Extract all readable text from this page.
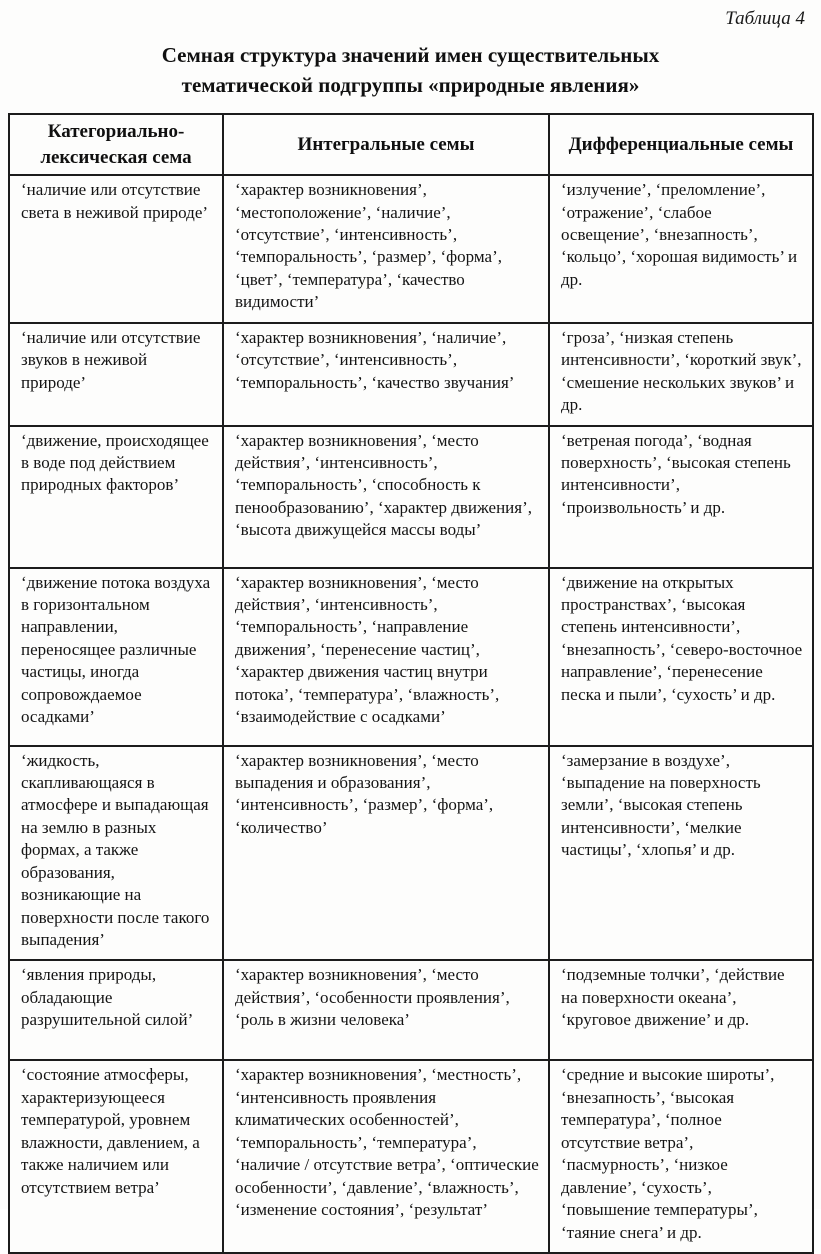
Таблица 4
Семная структура значений имен существительных
тематической подгруппы «природные явления»
Категориально-лексическая сема	Интегральные семы	Дифференциальные семы
‘наличие или отсутствие света в неживой природе’	‘характер возникновения’, ‘местоположение’, ‘наличие’, ‘отсутствие’, ‘интенсивность’, ‘темпоральность’, ‘размер’, ‘форма’, ‘цвет’, ‘температура’, ‘качество видимости’	‘излучение’, ‘преломление’, ‘отражение’, ‘слабое освещение’, ‘внезапность’, ‘кольцо’, ‘хорошая видимость’ и др.
‘наличие или отсутствие звуков в неживой природе’	‘характер возникновения’, ‘наличие’, ‘отсутствие’, ‘интенсивность’, ‘темпоральность’, ‘качество звучания’	‘гроза’, ‘низкая степень интенсивности’, ‘короткий звук’, ‘смешение нескольких звуков’ и др.
‘движение, происходящее в воде под действием природных факторов’	‘характер возникновения’, ‘место действия’, ‘интенсивность’, ‘темпоральность’, ‘способность к пенообразованию’, ‘характер движения’, ‘высота движущейся массы воды’	‘ветреная погода’, ‘водная поверхность’, ‘высокая степень интенсивности’, ‘произвольность’ и др.
‘движение потока воздуха в горизонтальном направлении, переносящее различные частицы, иногда сопровождаемое осадками’	‘характер возникновения’, ‘место действия’, ‘интенсивность’, ‘темпоральность’, ‘направление движения’, ‘перенесение частиц’, ‘характер движения частиц внутри потока’, ‘температура’, ‘влажность’, ‘взаимодействие с осадками’	‘движение на открытых пространствах’, ‘высокая степень интенсивности’, ‘внезапность’, ‘северо-восточное направление’, ‘перенесение песка и пыли’, ‘сухость’ и др.
‘жидкость, скапливающаяся в атмосфере и выпадающая на землю в разных формах, а также образования, возникающие на поверхности после такого выпадения’	‘характер возникновения’, ‘место выпадения и образования’, ‘интенсивность’, ‘размер’, ‘форма’, ‘количество’	‘замерзание в воздухе’, ‘выпадение на поверхность земли’, ‘высокая степень интенсивности’, ‘мелкие частицы’, ‘хлопья’ и др.
‘явления природы, обладающие разрушительной силой’	‘характер возникновения’, ‘место действия’, ‘особенности проявления’, ‘роль в жизни человека’	‘подземные толчки’, ‘действие на поверхности океана’, ‘круговое движение’ и др.
‘состояние атмосферы, характеризующееся температурой, уровнем влажности, давлением, а также наличием или отсутствием ветра’	‘характер возникновения’, ‘местность’, ‘интенсивность проявления климатических особенностей’, ‘темпоральность’, ‘температура’, ‘наличие / отсутствие ветра’, ‘оптические особенности’, ‘давление’, ‘влажность’, ‘изменение состояния’, ‘результат’	‘средние и высокие широты’, ‘внезапность’, ‘высокая температура’, ‘полное отсутствие ветра’, ‘пасмурность’, ‘низкое давление’, ‘сухость’, ‘повышение температуры’, ‘таяние снега’ и др.
